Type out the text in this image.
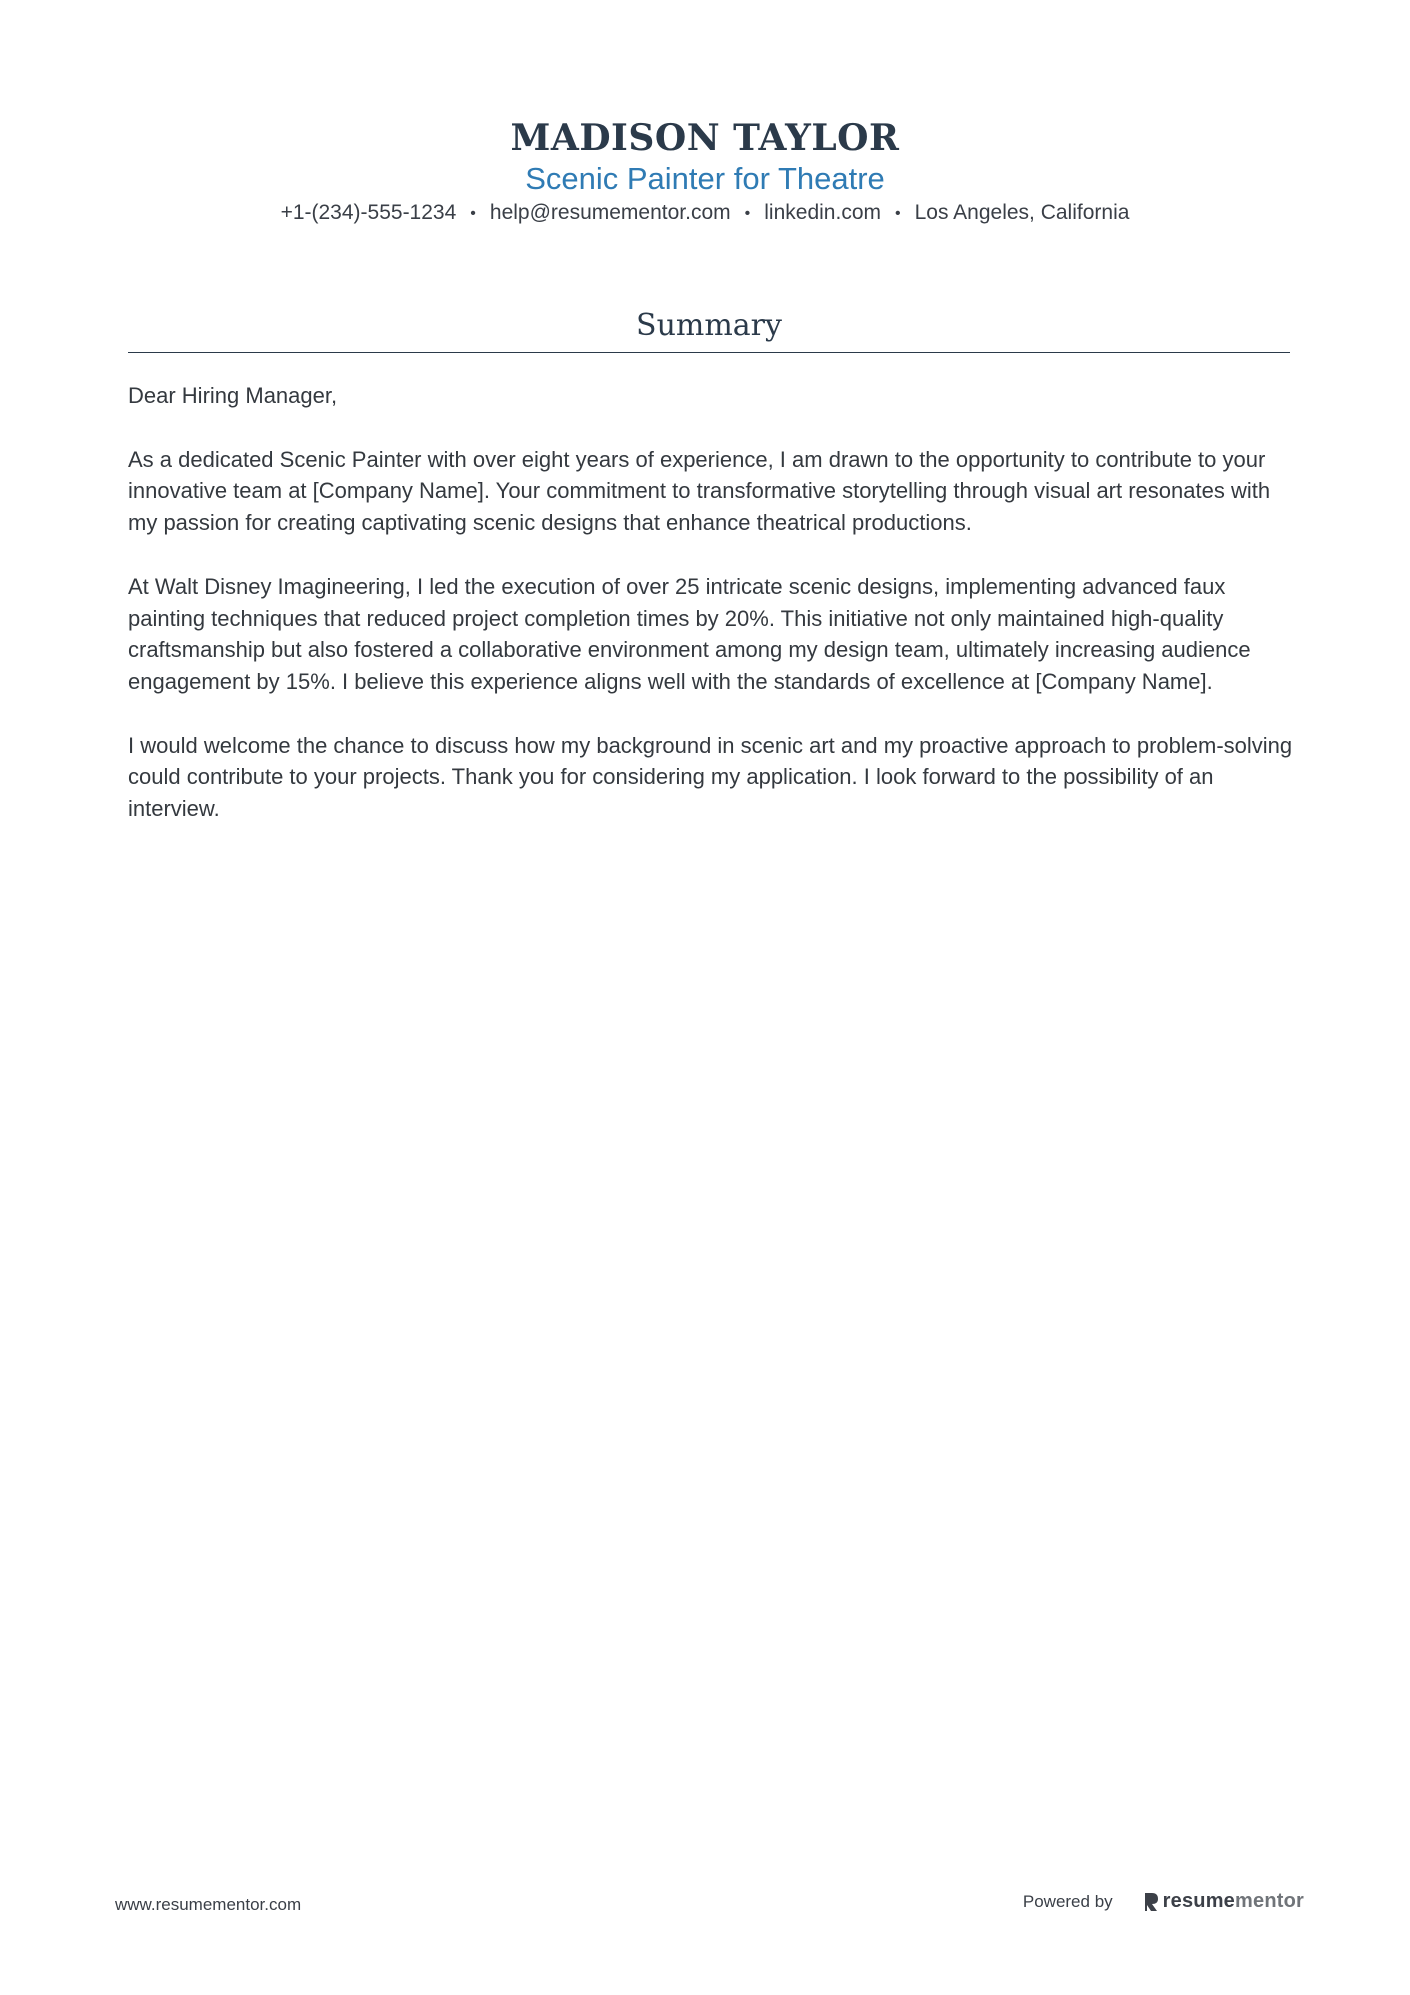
MADISON TAYLOR
Scenic Painter for Theatre
+1-(234)-555-1234 • help@resumementor.com • linkedin.com • Los Angeles, California
Summary

Dear Hiring Manager,

As a dedicated Scenic Painter with over eight years of experience, I am drawn to the opportunity to contribute to your innovative team at [Company Name]. Your commitment to transformative storytelling through visual art resonates with my passion for creating captivating scenic designs that enhance theatrical productions.

At Walt Disney Imagineering, I led the execution of over 25 intricate scenic designs, implementing advanced faux painting techniques that reduced project completion times by 20%. This initiative not only maintained high-quality craftsmanship but also fostered a collaborative environment among my design team, ultimately increasing audience engagement by 15%. I believe this experience aligns well with the standards of excellence at [Company Name].

I would welcome the chance to discuss how my background in scenic art and my proactive approach to problem-solving could contribute to your projects. Thank you for considering my application. I look forward to the possibility of an interview.

www.resumementor.com	Powered by	resumementor
